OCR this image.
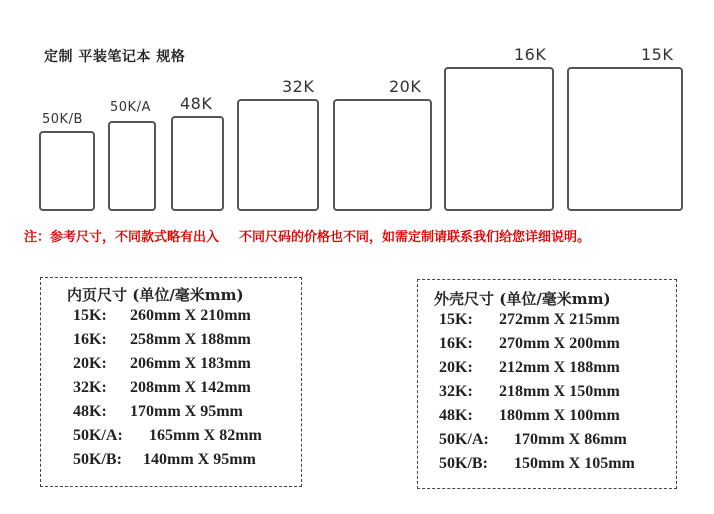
定制 平装笔记本 规格
50K/B
50K/A 48K
32K	20K
16K	15K
注：参考尺寸，不同款式略有出入 不同尺码的价格也不同，如需定制请联系我们给您详细说明。
内页尺寸 (单位/毫米mm)
15K: 260mm X 210mm
16K: 258mm X 188mm
20K: 206mm X 183mm
32K: 208mm X 142mm
48K: 170mm X 95mm
50K/A: 165mm X 82mm
50K/B: 140mm X 95mm
外壳尺寸 (单位/毫米mm)
15K: 272mm X 215mm
16K: 270mm X 200mm
20K: 212mm X 188mm
32K: 218mm X 150mm
48K: 180mm X 100mm
50K/A: 170mm X 86mm
50K/B: 150mm X 105mm
